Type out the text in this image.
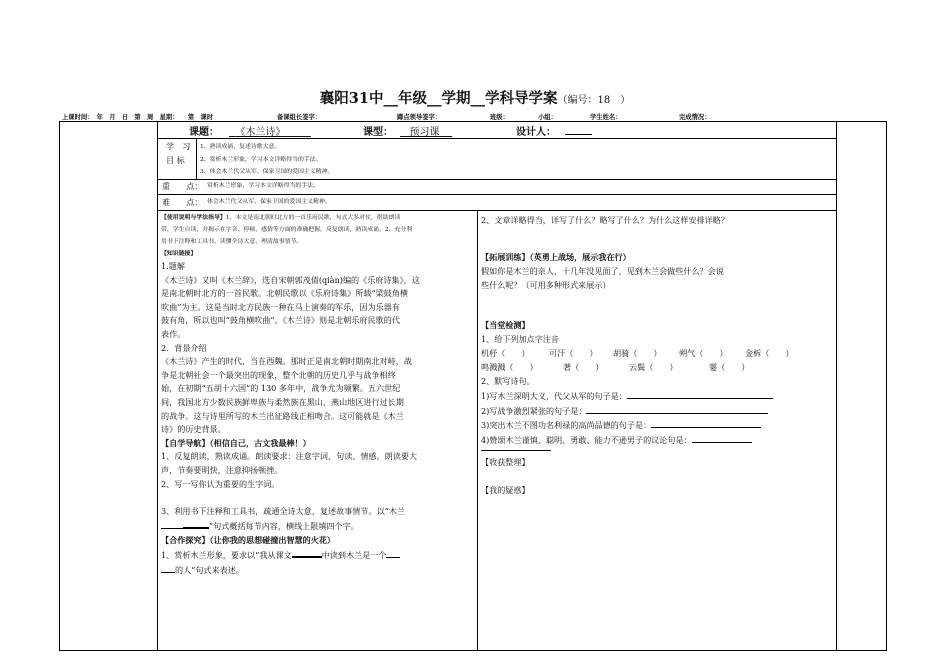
襄阳31中__年级__学期__学科导学案（编号：18　）
上课时间：　年　月　日　第　周　星期：　　第　课时	备课组长签字：	蹲点领导签字：	班级：	小组：	学生姓名：	完成情况：
课题：	《木兰诗》	课型：	预习课	设计人：
学　习
目 标
1、熟读成诵，复述诗歌大意。
2、赏析木兰形象，学习本文详略得当的手法。
3、体会木兰代父从军、保家卫国的爱国主义精神。
重　　点： 赏析木兰形象，学习本文详略得当的手法。
难　　点： 体会木兰代父从军、保家卫国的爱国主义精神。
【使用说明与学法指导】1、本文是南北朝时北方的一首乐府民歌，句式大多对仗，借助朗读
带，学生自读，并揭示在字音、停顿、感情等方面的准确把握，反复朗读，熟读成诵。2、充分利
用书下注释和工具书，读懂全诗大意，理清故事情节。
【知识链接】
1.题解
《木兰诗》又叫《木兰辞》，选自宋朝郭茂倩(qiàn)编的《乐府诗集》，这
是南北朝时北方的一首民歌。北朝民歌以《乐府诗集》所载“梁鼓角横
吹曲”为主。这是当时北方民族一种在马上演奏的军乐，因为乐器有
鼓有角，所以也叫“鼓角横吹曲”。《木兰诗》则是北朝乐府民歌的代
表作。
2．背景介绍
《木兰诗》产生的时代，当在西魏。那时正是南北朝时期南北对峙，战
争是北朝社会一个最突出的现象，整个北朝的历史几乎与战争相终
始，在初期“五胡十六国”的 130 多年中，战争尤为频繁。五六世纪
间，我国北方少数民族鲜卑族与柔然族在黑山、燕山地区进行过长期
的战争。这与诗里所写的木兰出征路线正相吻合。这可能就是《木兰
诗》的历史背景。
【自学导航】（相信自己，古文我最棒！）
1、反复朗读，熟读成诵。朗读要求：注意字词、句读、情感，朗读要大
声，节奏要明快，注意抑扬顿挫。
2、写一写你认为重要的生字词。

3、利用书下注释和工具书，疏通全诗大意，复述故事情节。以“木兰
”句式概括每节内容，横线上限填四个字。
【合作探究】（让你我的思想碰撞出智慧的火花）
1、赏析木兰形象，要求以“我从课文	中读到木兰是一个
的人”句式来表述。
2、文章详略得当，详写了什么？略写了什么？为什么这样安排详略？
【拓展训练】（英勇上战场，展示我在行）
假如你是木兰的亲人，十几年没见面了，见到木兰会做些什么？会说
些什么呢？（可用多种形式来展示）
【当堂检测】
1、给下列加点字注音
机杼（　　） 可汗（　　） 胡骑（　　） 朔气（　　） 金柝（　　）
鸣溅溅（　　）	著（　　）	云鬓（　　）	霎（　　）
2、默写诗句。
1)写木兰深明大义，代父从军的句子是：
2)写战争激烈紧张的句子是：
3)突出木兰不图功名利禄的高尚品德的句子是：
4)赞颂木兰谨慎、聪明、勇敢、能力不逊男子的议论句是：
【收获整理】
【我的疑惑】
